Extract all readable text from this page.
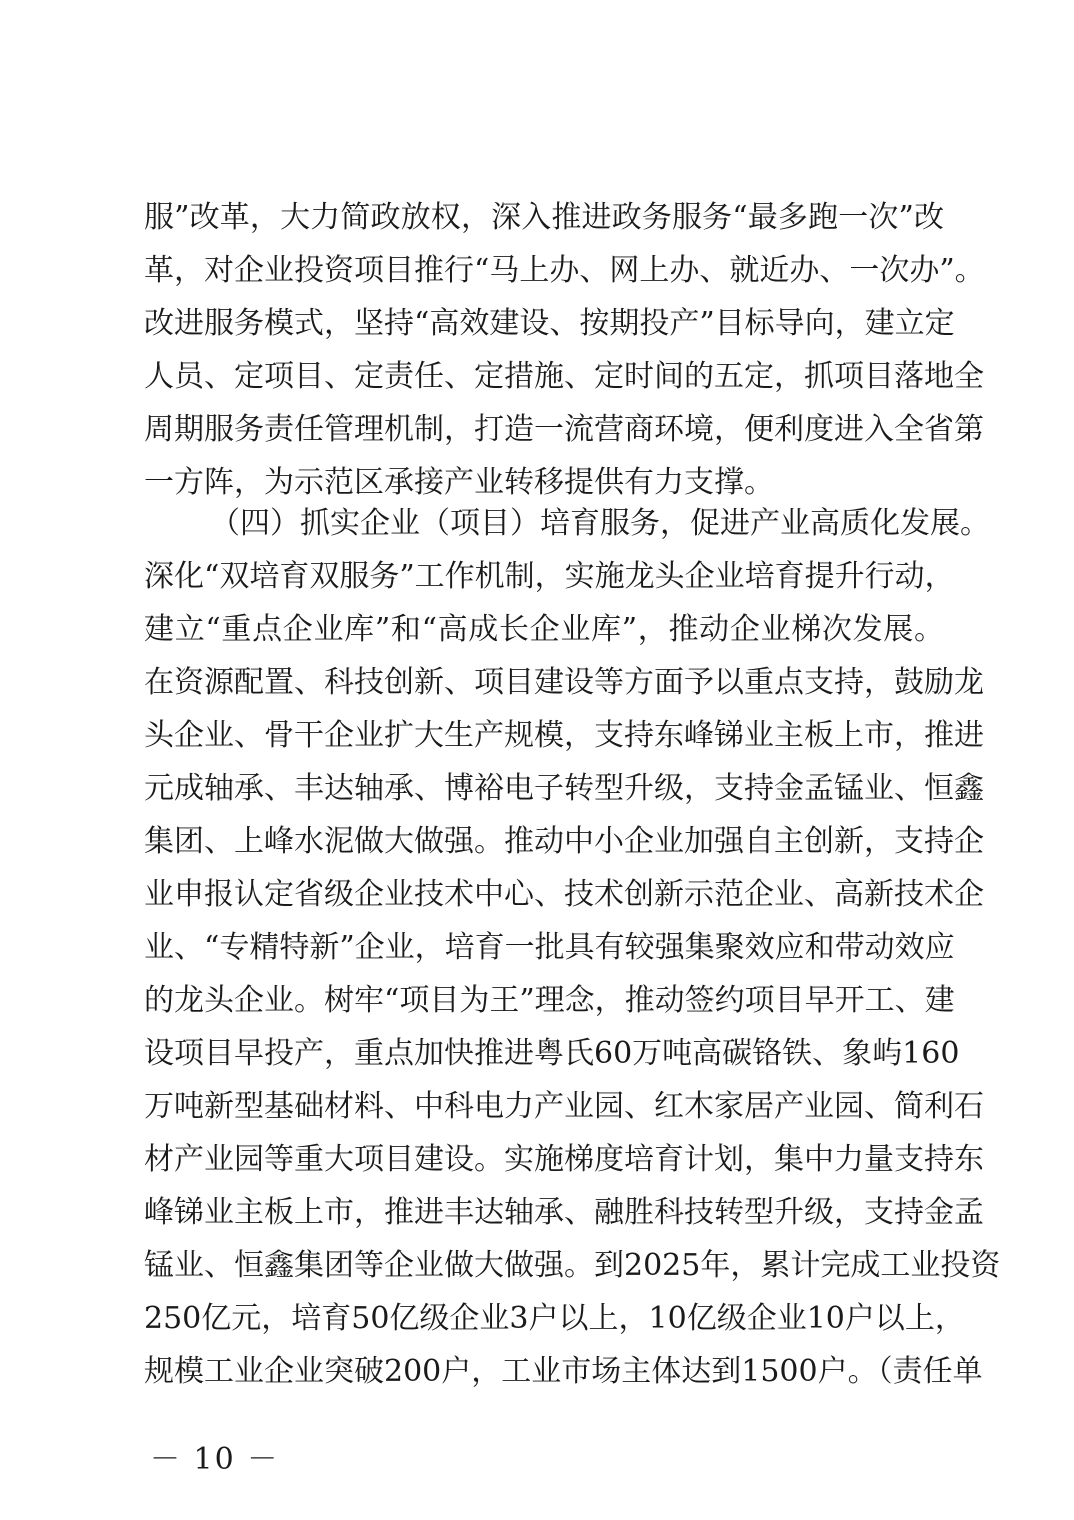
服”改革，大力简政放权，深入推进政务服务“最多跑一次”改
革，对企业投资项目推行“马上办、网上办、就近办、一次办”。
改进服务模式，坚持“高效建设、按期投产”目标导向，建立定
人员、定项目、定责任、定措施、定时间的五定，抓项目落地全
周期服务责任管理机制，打造一流营商环境，便利度进入全省第
一方阵，为示范区承接产业转移提供有力支撑。
（四）抓实企业（项目）培育服务，促进产业高质化发展。
深化“双培育双服务”工作机制，实施龙头企业培育提升行动，
建立“重点企业库”和“高成长企业库”，推动企业梯次发展。
在资源配置、科技创新、项目建设等方面予以重点支持，鼓励龙
头企业、骨干企业扩大生产规模，支持东峰锑业主板上市，推进
元成轴承、丰达轴承、博裕电子转型升级，支持金孟锰业、恒鑫
集团、上峰水泥做大做强。推动中小企业加强自主创新，支持企
业申报认定省级企业技术中心、技术创新示范企业、高新技术企
业、“专精特新”企业，培育一批具有较强集聚效应和带动效应
的龙头企业。树牢“项目为王”理念，推动签约项目早开工、建
设项目早投产，重点加快推进粤氏60万吨高碳铬铁、象屿160
万吨新型基础材料、中科电力产业园、红木家居产业园、简利石
材产业园等重大项目建设。实施梯度培育计划，集中力量支持东
峰锑业主板上市，推进丰达轴承、融胜科技转型升级，支持金孟
锰业、恒鑫集团等企业做大做强。到2025年，累计完成工业投资
250亿元，培育50亿级企业3户以上，10亿级企业10户以上，
规模工业企业突破200户，工业市场主体达到1500户。（责任单
－ 10 －
